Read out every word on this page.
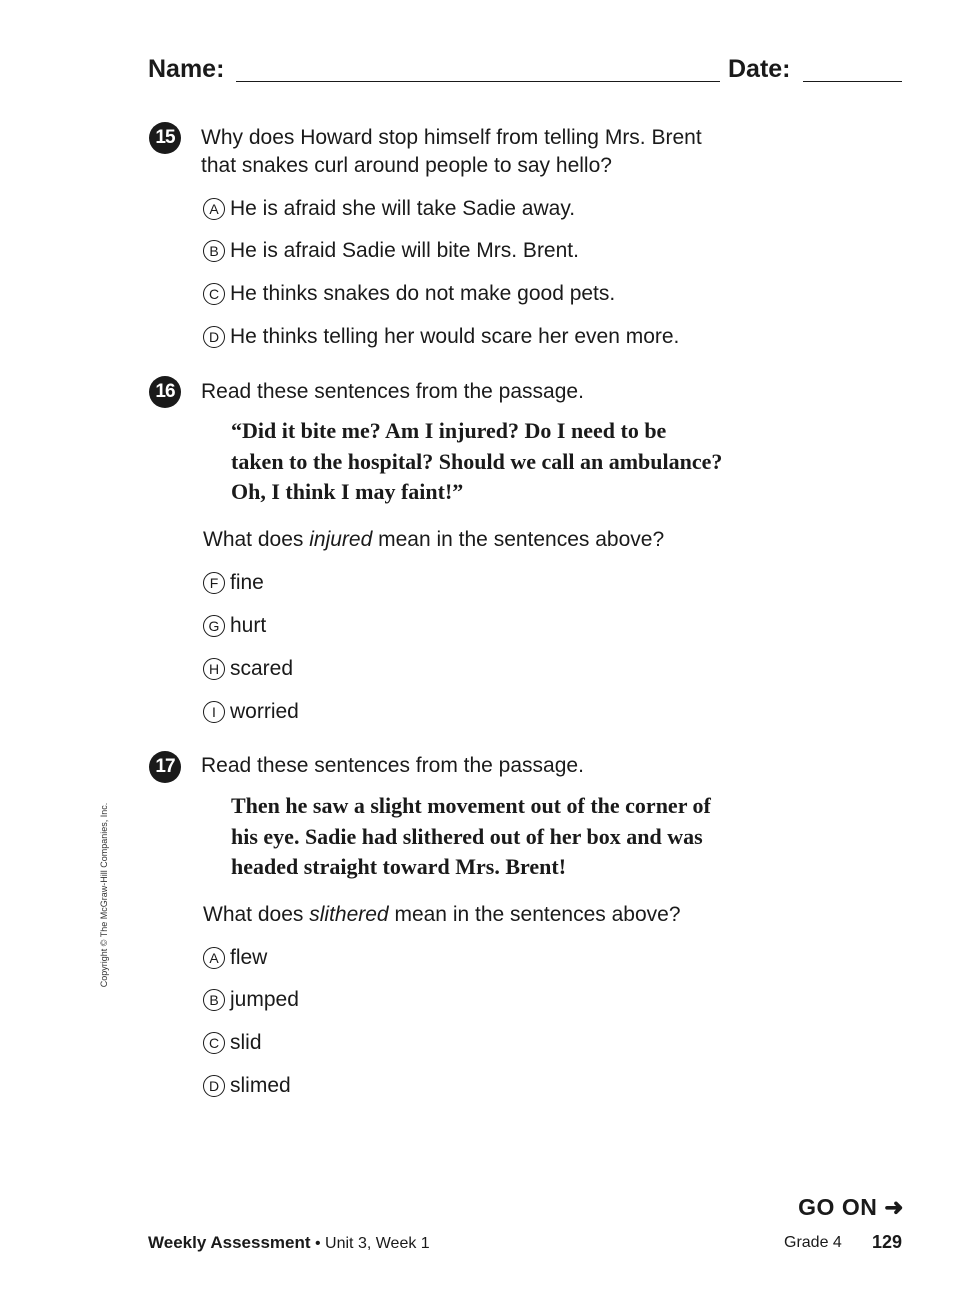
Name:	Date:
15	Why does Howard stop himself from telling Mrs. Brent
that snakes curl around people to say hello?
A He is afraid she will take Sadie away.
B He is afraid Sadie will bite Mrs. Brent.
C He thinks snakes do not make good pets.
D He thinks telling her would scare her even more.
16	Read these sentences from the passage.
“Did it bite me? Am I injured? Do I need to be
taken to the hospital? Should we call an ambulance?
Oh, I think I may faint!”
What does injured mean in the sentences above?
F fine
G hurt
H scared
I worried
17	Read these sentences from the passage.
Then he saw a slight movement out of the corner of
his eye. Sadie had slithered out of her box and was
headed straight toward Mrs. Brent!
What does slithered mean in the sentences above?
A flew
B jumped
C slid
D slimed
Copyright © The McGraw-Hill Companies, Inc.
GO ON ➜
Weekly Assessment • Unit 3, Week 1	Grade 4 129
